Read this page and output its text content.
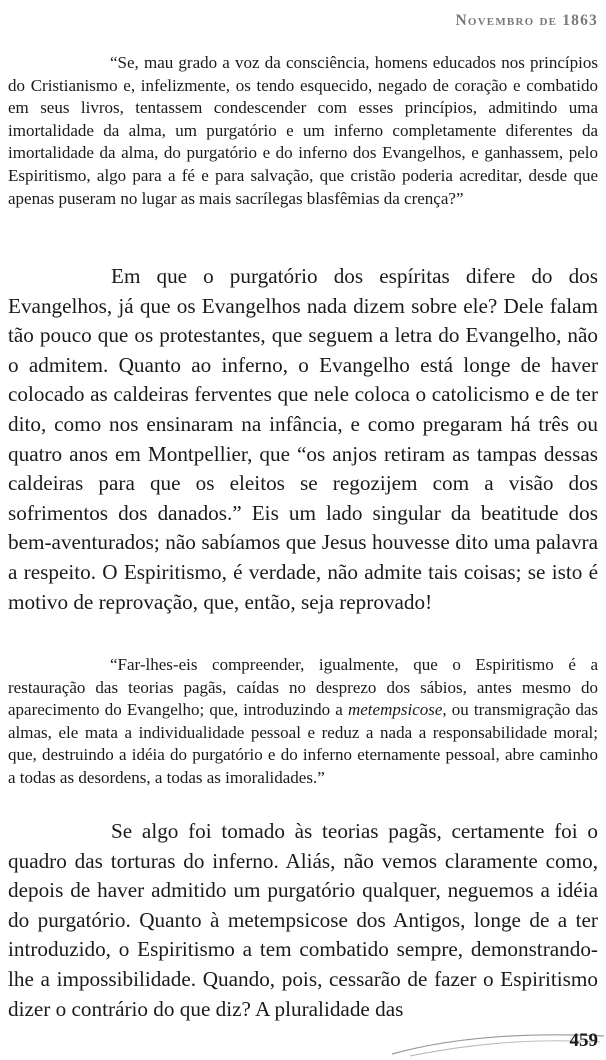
Novembro de 1863

“Se, mau grado a voz da consciência, homens educados nos princípios do Cristianismo e, infelizmente, os tendo esquecido, negado de coração e combatido em seus livros, tentassem condescender com esses princípios, admitindo uma imortalidade da alma, um purgatório e um inferno completamente diferentes da imortalidade da alma, do purgatório e do inferno dos Evangelhos, e ganhassem, pelo Espiritismo, algo para a fé e para salvação, que cristão poderia acreditar, desde que apenas puseram no lugar as mais sacrílegas blasfêmias da crença?”

Em que o purgatório dos espíritas difere do dos Evangelhos, já que os Evangelhos nada dizem sobre ele? Dele falam tão pouco que os protestantes, que seguem a letra do Evangelho, não o admitem. Quanto ao inferno, o Evangelho está longe de haver colocado as caldeiras ferventes que nele coloca o catolicismo e de ter dito, como nos ensinaram na infância, e como pregaram há três ou quatro anos em Montpellier, que “os anjos retiram as tampas dessas caldeiras para que os eleitos se regozijem com a visão dos sofrimentos dos danados.” Eis um lado singular da beatitude dos bem-aventurados; não sabíamos que Jesus houvesse dito uma palavra a respeito. O Espiritismo, é verdade, não admite tais coisas; se isto é motivo de reprovação, que, então, seja reprovado!

“Far-lhes-eis compreender, igualmente, que o Espiritismo é a restauração das teorias pagãs, caídas no desprezo dos sábios, antes mesmo do aparecimento do Evangelho; que, introduzindo a metempsicose, ou transmigração das almas, ele mata a individualidade pessoal e reduz a nada a responsabilidade moral; que, destruindo a idéia do purgatório e do inferno eternamente pessoal, abre caminho a todas as desordens, a todas as imoralidades.”

Se algo foi tomado às teorias pagãs, certamente foi o quadro das torturas do inferno. Aliás, não vemos claramente como, depois de haver admitido um purgatório qualquer, neguemos a idéia do purgatório. Quanto à metempsicose dos Antigos, longe de a ter introduzido, o Espiritismo a tem combatido sempre, demonstrando-lhe a impossibilidade. Quando, pois, cessarão de fazer o Espiritismo dizer o contrário do que diz? A pluralidade das

459
